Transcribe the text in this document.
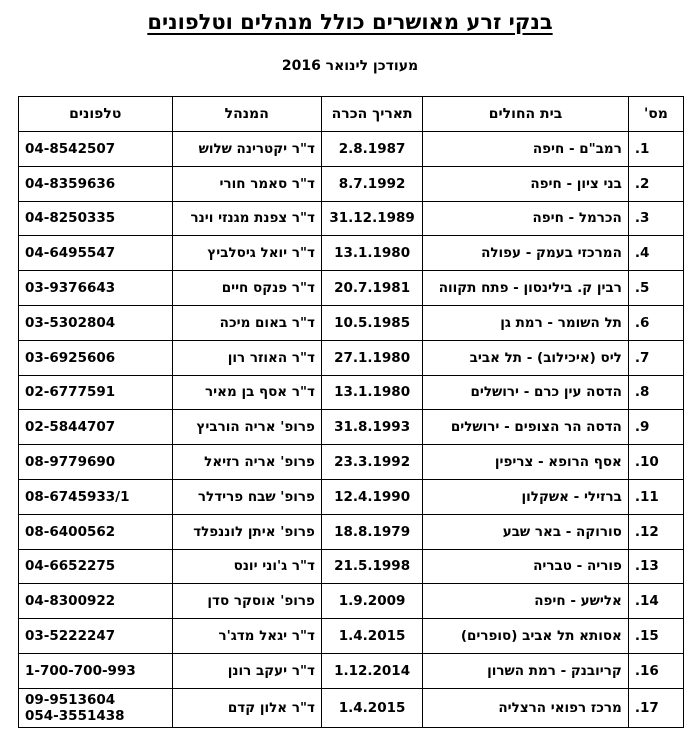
בנקי זרע מאושרים כולל מנהלים וטלפונים
מעודכן לינואר 2016
מס'	בית החולים	תאריך הכרה	המנהל	טלפונים
.1	רמב"ם - חיפה	2.8.1987	ד"ר יקטרינה שלוש	04-8542507

.2	בני ציון - חיפה	8.7.1992	ד"ר סאמר חורי	04-8359636

.3	הכרמל - חיפה	31.12.1989	ד"ר צפנת מגנזי וינר	04-8250335

.4	המרכזי בעמק - עפולה	13.1.1980	ד"ר יואל גיסלביץ	04-6495547

.5	רבין ק. בילינסון - פתח תקווה	20.7.1981	ד"ר פנקס חיים	03-9376643

.6	תל השומר - רמת גן	10.5.1985	ד"ר באום מיכה	03-5302804

.7	ליס (איכילוב) - תל אביב	27.1.1980	ד"ר האוזר רון	03-6925606

.8	הדסה עין כרם - ירושלים	13.1.1980	ד"ר אסף בן מאיר	02-6777591

.9	הדסה הר הצופים - ירושלים	31.8.1993	פרופ' אריה הורביץ	02-5844707

.10	אסף הרופא - צריפין	23.3.1992	פרופ' אריה רזיאל	08-9779690

.11	ברזילי - אשקלון	12.4.1990	פרופ' שבח פרידלר	08-6745933/1

.12	סורוקה - באר שבע	18.8.1979	פרופ' איתן לוננפלד	08-6400562

.13	פוריה - טבריה	21.5.1998	ד"ר ג'וני יונס	04-6652275

.14	אלישע - חיפה	1.9.2009	פרופ' אוסקר סדן	04-8300922

.15	אסותא תל אביב (סופרים)	1.4.2015	ד"ר יגאל מדג'ר	03-5222247

.16	קריובנק - רמת השרון	1.12.2014	ד"ר יעקב רונן	1-700-700-993

.17	מרכז רפואי הרצליה	1.4.2015	ד"ר אלון קדם	09-9513604
054-3551438
